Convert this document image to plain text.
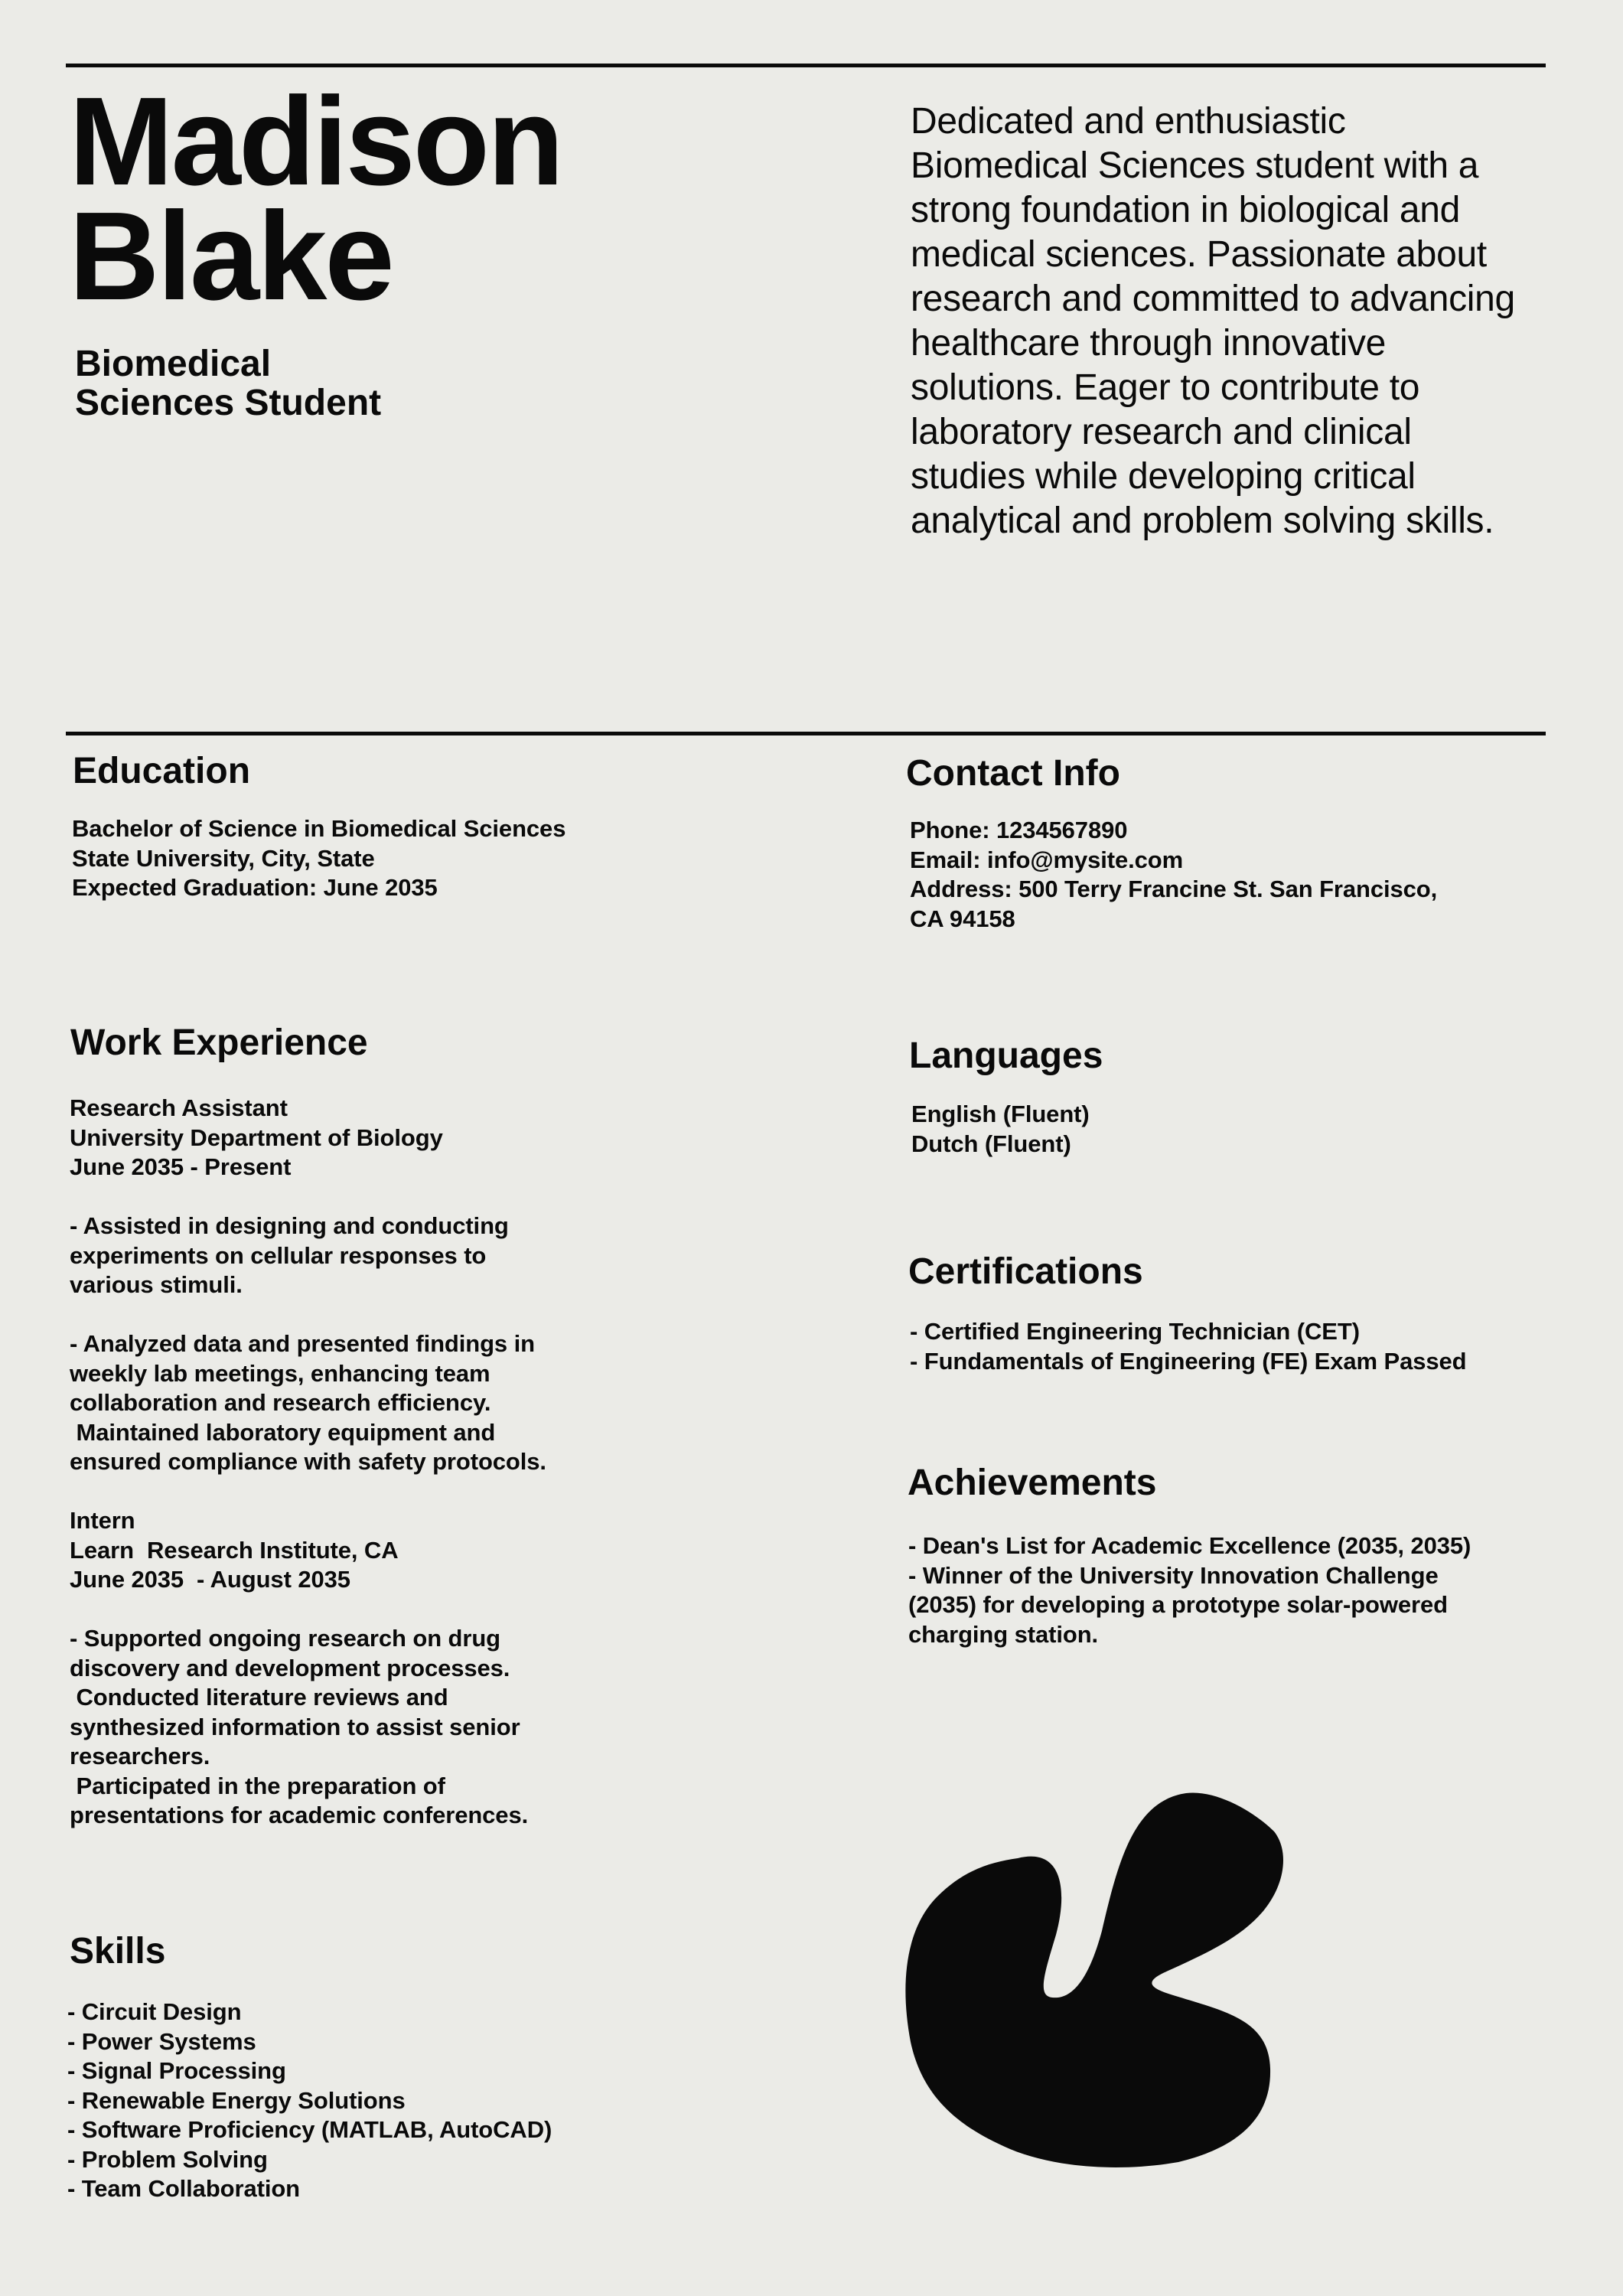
Madison
Blake
Biomedical
Sciences Student
Dedicated and enthusiastic
Biomedical Sciences student with a
strong foundation in biological and
medical sciences. Passionate about
research and committed to advancing
healthcare through innovative
solutions. Eager to contribute to
laboratory research and clinical
studies while developing critical
analytical and problem solving skills.
Education
Bachelor of Science in Biomedical Sciences
State University, City, State
Expected Graduation: June 2035
Work Experience
Research Assistant
University Department of Biology
June 2035 - Present
- Assisted in designing and conducting
experiments on cellular responses to
various stimuli.
- Analyzed data and presented findings in
weekly lab meetings, enhancing team
collaboration and research efficiency.
Maintained laboratory equipment and
ensured compliance with safety protocols.
Intern
Learn  Research Institute, CA
June 2035  - August 2035
- Supported ongoing research on drug
discovery and development processes.
Conducted literature reviews and
synthesized information to assist senior
researchers.
Participated in the preparation of
presentations for academic conferences.
Skills
- Circuit Design
- Power Systems
- Signal Processing
- Renewable Energy Solutions
- Software Proficiency (MATLAB, AutoCAD)
- Problem Solving
- Team Collaboration
Contact Info
Phone: 1234567890
Email: info@mysite.com
Address: 500 Terry Francine St. San Francisco,
CA 94158
Languages
English (Fluent)
Dutch (Fluent)
Certifications
- Certified Engineering Technician (CET)
- Fundamentals of Engineering (FE) Exam Passed
Achievements
- Dean's List for Academic Excellence (2035, 2035)
- Winner of the University Innovation Challenge
(2035) for developing a prototype solar-powered
charging station.
